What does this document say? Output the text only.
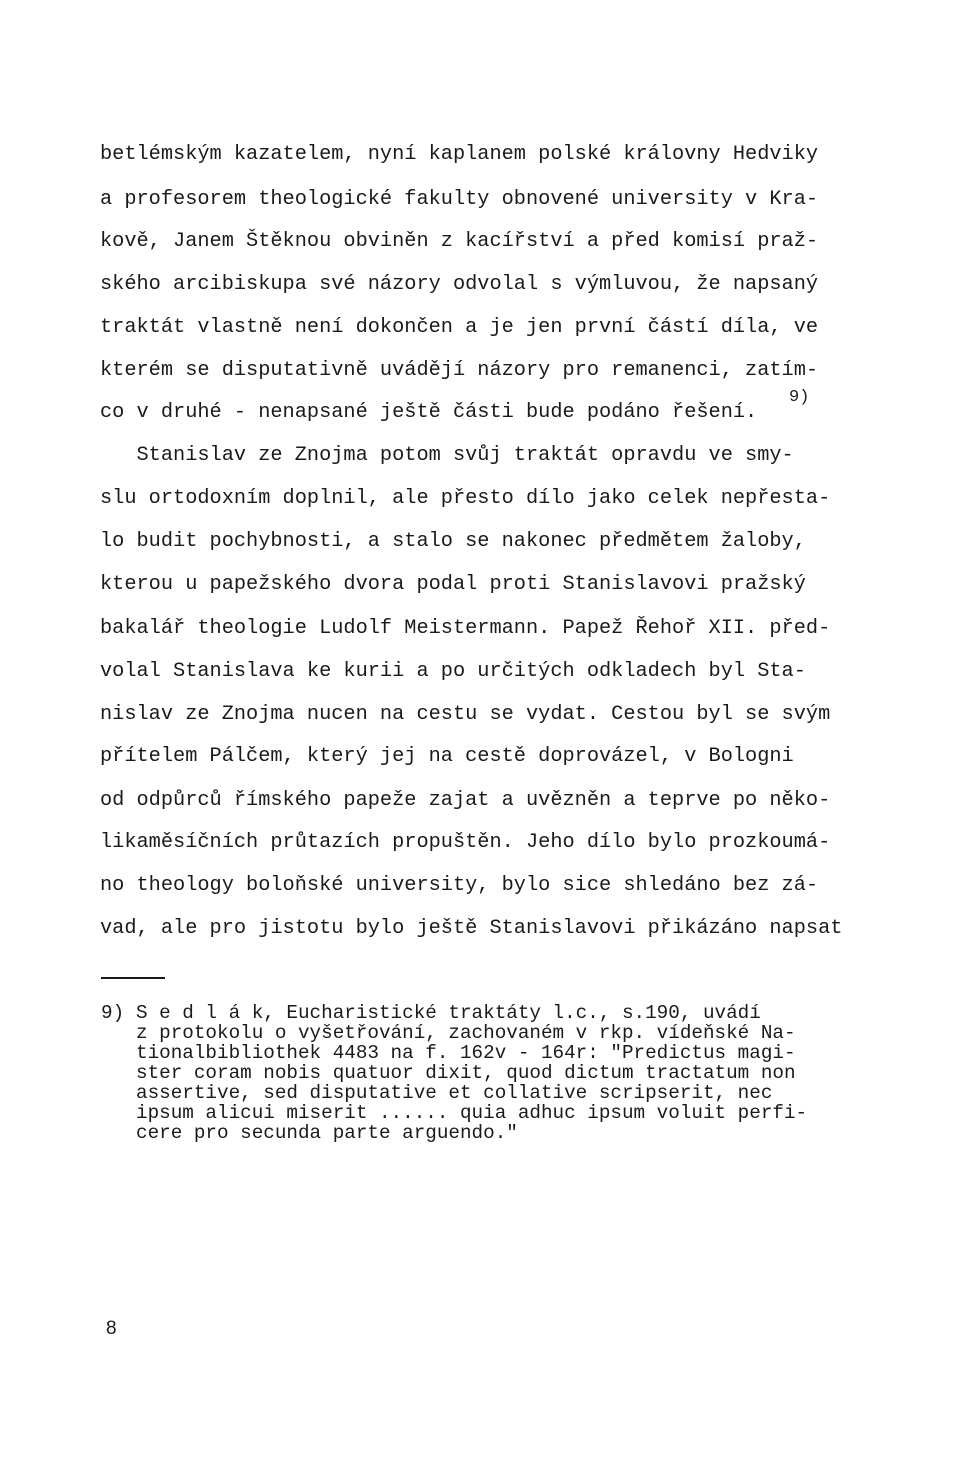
betlémským kazatelem, nyní kaplanem polské královny Hedviky
a profesorem theologické fakulty obnovené university v Kra-
kově, Janem Štěknou obviněn z kacířství a před komisí praž-
ského arcibiskupa své názory odvolal s výmluvou, že napsaný
traktát vlastně není dokončen a je jen první částí díla, ve
kterém se disputativně uvádějí názory pro remanenci, zatím-
co v druhé - nenapsané ještě části bude podáno řešení.
9)
Stanislav ze Znojma potom svůj traktát opravdu ve smy-
slu ortodoxním doplnil, ale přesto dílo jako celek nepřesta-
lo budit pochybnosti, a stalo se nakonec předmětem žaloby,
kterou u papežského dvora podal proti Stanislavovi pražský
bakalář theologie Ludolf Meistermann. Papež Řehoř XII. před-
volal Stanislava ke kurii a po určitých odkladech byl Sta-
nislav ze Znojma nucen na cestu se vydat. Cestou byl se svým
přítelem Pálčem, který jej na cestě doprovázel, v Bologni
od odpůrců římského papeže zajat a uvězněn a teprve po něko-
likaměsíčních průtazích propuštěn. Jeho dílo bylo prozkoumá-
no theology boloňské university, bylo sice shledáno bez zá-
vad, ale pro jistotu bylo ještě Stanislavovi přikázáno napsat
9) S e d l á k, Eucharistické traktáty l.c., s.190, uvádí
z protokolu o vyšetřování, zachovaném v rkp. vídeňské Na-
tionalbibliothek 4483 na f. 162v - 164r: "Predictus magi-
ster coram nobis quatuor dixit, quod dictum tractatum non
assertive, sed disputative et collative scripserit, nec
ipsum alicui miserit ...... quia adhuc ipsum voluit perfi-
cere pro secunda parte arguendo."
8
